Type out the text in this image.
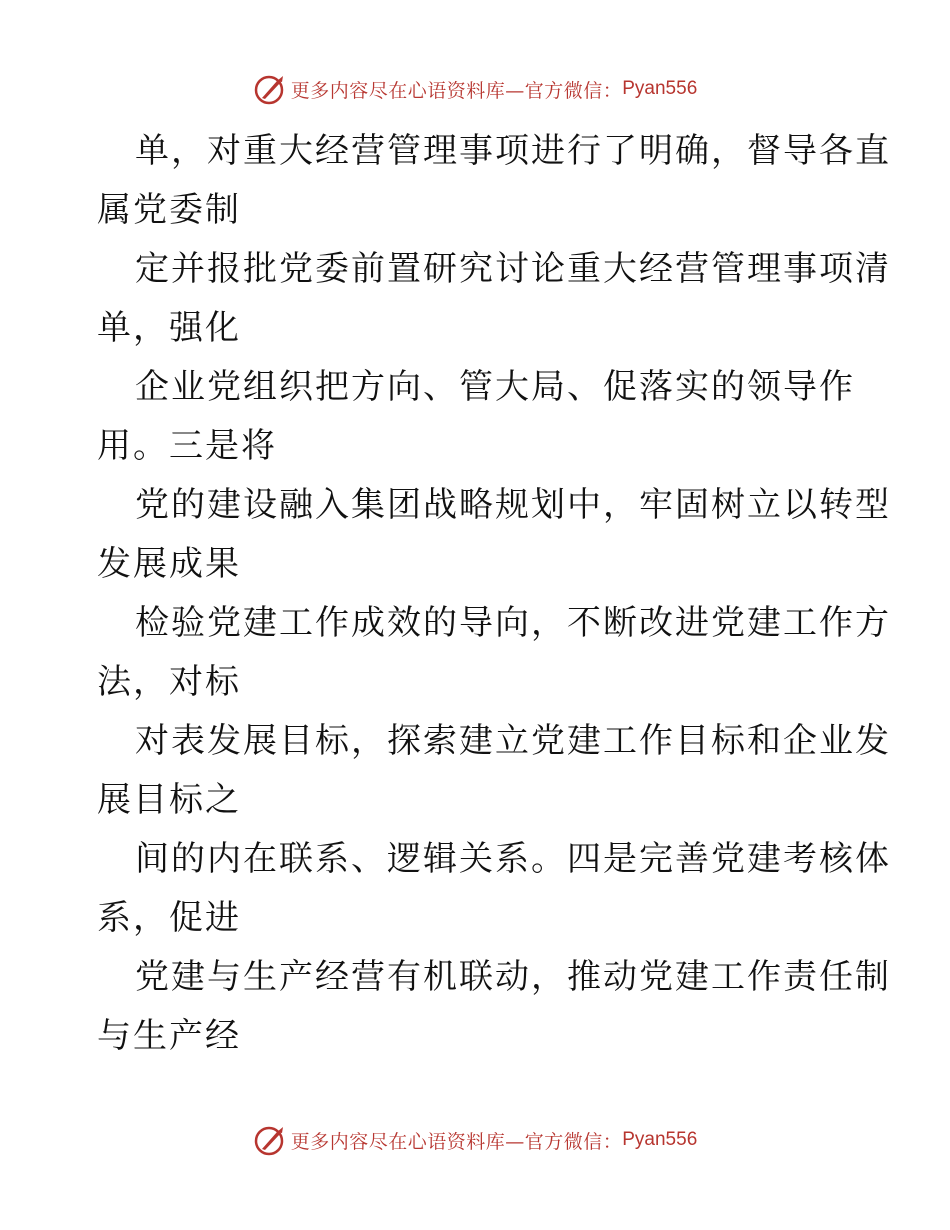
更多内容尽在心语资料库—官方微信： Pyan556
单，对重大经营管理事项进行了明确，督导各直
属党委制
定并报批党委前置研究讨论重大经营管理事项清
单，强化
企业党组织把方向、管大局、促落实的领导作
用。三是将
党的建设融入集团战略规划中，牢固树立以转型
发展成果
检验党建工作成效的导向，不断改进党建工作方
法，对标
对表发展目标，探索建立党建工作目标和企业发
展目标之
间的内在联系、逻辑关系。四是完善党建考核体
系，促进
党建与生产经营有机联动，推动党建工作责任制
与生产经
更多内容尽在心语资料库—官方微信： Pyan556
